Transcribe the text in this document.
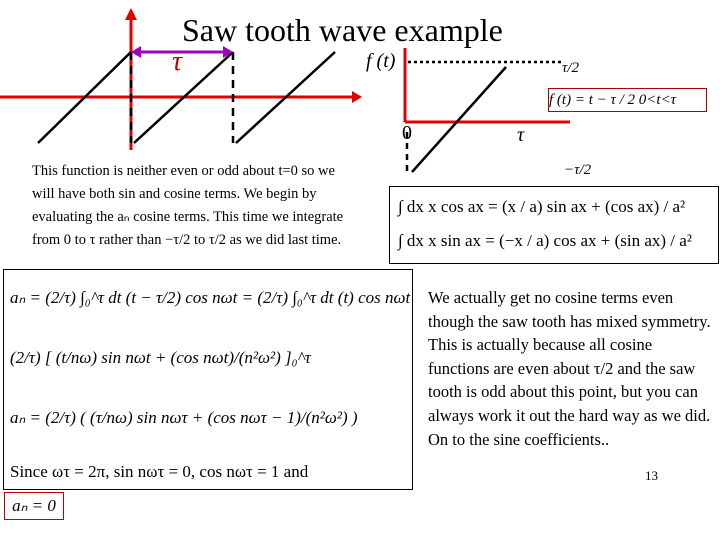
τ
Saw tooth wave example
f (t)
0	τ
τ/2
−τ/2
f (t) = t − τ / 2 0<t<τ
∫ dx x cos ax = (x / a) sin ax + (cos ax) / a²
∫ dx x sin ax = (−x / a) cos ax + (sin ax) / a²
This function is neither even or odd about t=0 so we will have both sin and cosine terms. We begin by evaluating the aₙ cosine terms. This time we integrate from 0 to τ rather than −τ/2 to τ/2 as we did last time.
aₙ = (2/τ) ∫₀^τ dt (t − τ/2) cos nωt = (2/τ) ∫₀^τ dt (t) cos nωt
(2/τ) [ (t/nω) sin nωt + (cos nωt)/(n²ω²) ]₀^τ
aₙ = (2/τ) ( (τ/nω) sin nωτ + (cos nωτ − 1)/(n²ω²) )
Since ωτ = 2π, sin nωτ = 0, cos nωτ = 1 and
aₙ = 0
We actually get no cosine terms even though the saw tooth has mixed symmetry. This is actually because all cosine functions are even about τ/2 and the saw tooth is odd about this point, but you can always work it out the hard way as we did. On to the sine coefficients..
13
